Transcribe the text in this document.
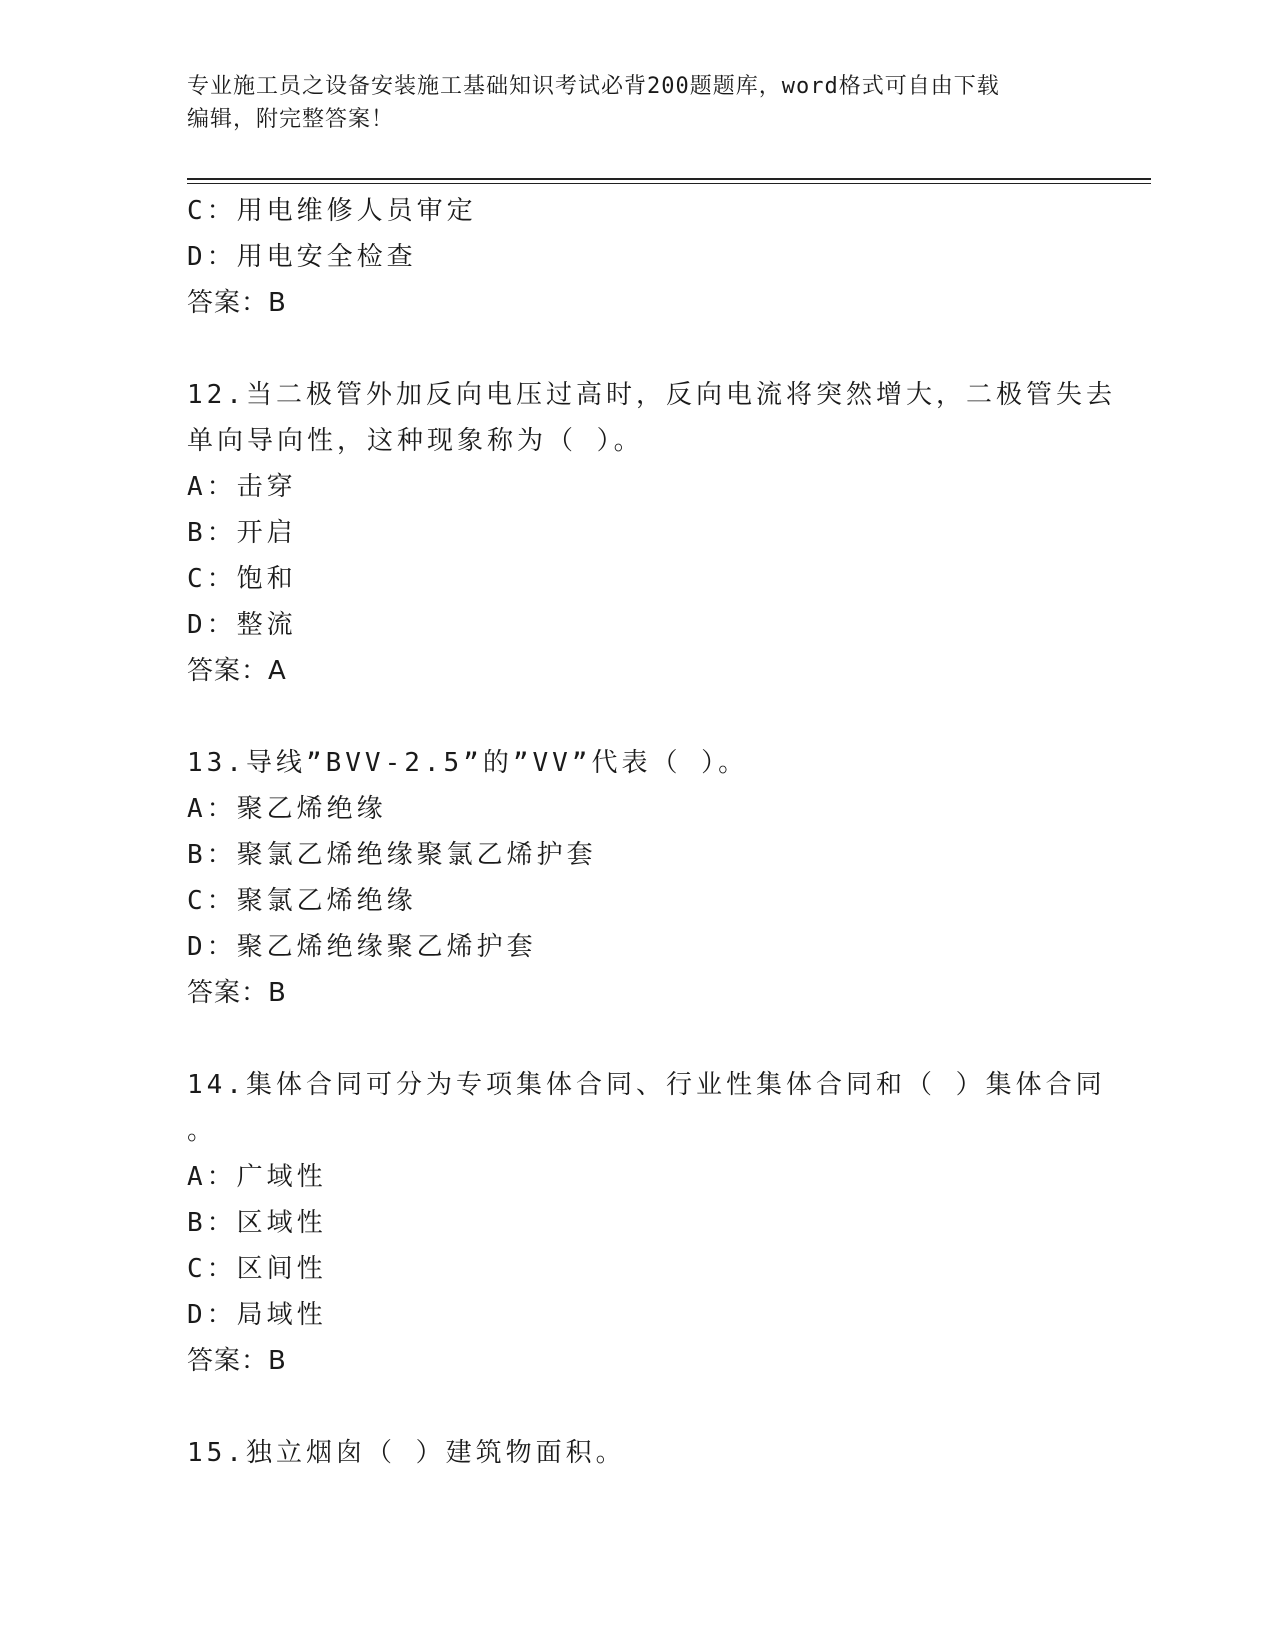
专业施工员之设备安装施工基础知识考试必背200题题库，word格式可自由下载
编辑，附完整答案！
C：用电维修人员审定
D：用电安全检查
答案：B
12.当二极管外加反向电压过高时，反向电流将突然增大，二极管失去
单向导向性，这种现象称为（ ）。
A：击穿
B：开启
C：饱和
D：整流
答案：A
13.导线”BVV-2.5”的”VV”代表（ ）。
A：聚乙烯绝缘
B：聚氯乙烯绝缘聚氯乙烯护套
C：聚氯乙烯绝缘
D：聚乙烯绝缘聚乙烯护套
答案：B
14.集体合同可分为专项集体合同、行业性集体合同和（ ）集体合同
。
A：广域性
B：区域性
C：区间性
D：局域性
答案：B
15.独立烟囱（ ）建筑物面积。
